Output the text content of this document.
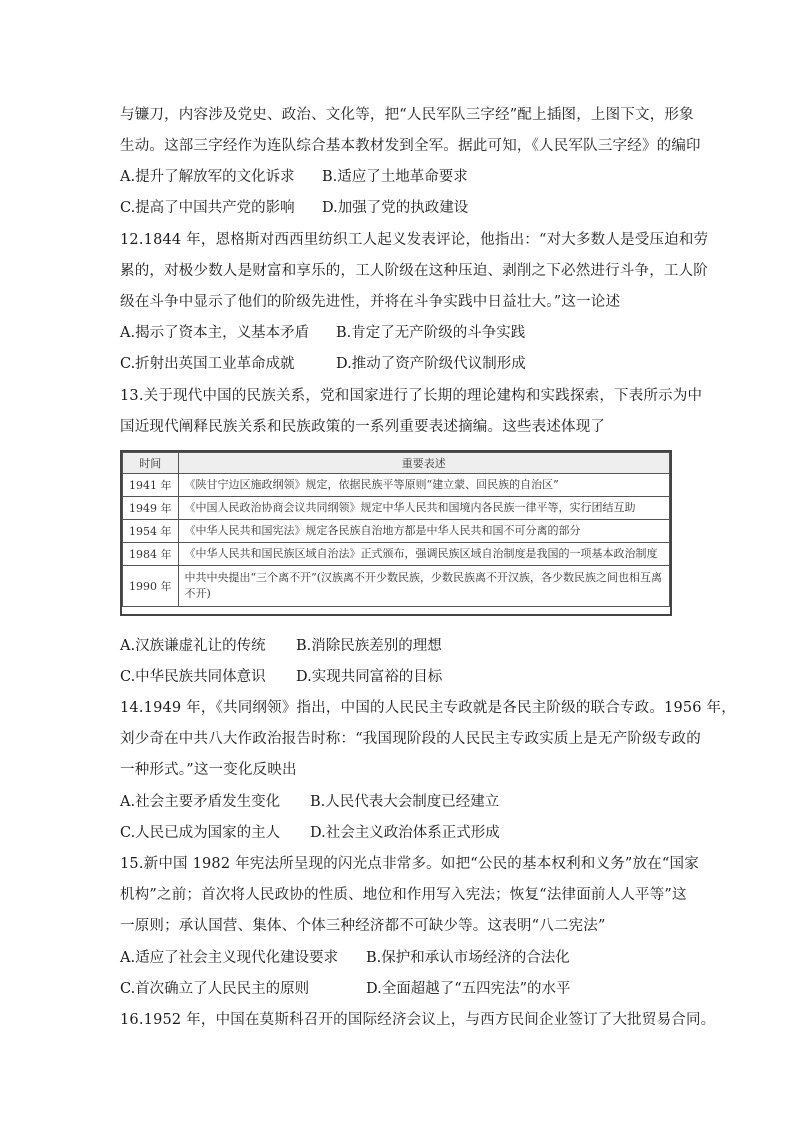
与镰刀，内容涉及党史、政治、文化等，把“人民军队三字经”配上插图，上图下文，形象
生动。这部三字经作为连队综合基本教材发到全军。据此可知，《人民军队三字经》的编印
A.提升了解放军的文化诉求 B.适应了土地革命要求
C.提高了中国共产党的影响 D.加强了党的执政建设
12.1844 年，恩格斯对西西里纺织工人起义发表评论，他指出：“对大多数人是受压迫和劳
累的，对极少数人是财富和享乐的，工人阶级在这种压迫、剥削之下必然进行斗争，工人阶
级在斗争中显示了他们的阶级先进性，并将在斗争实践中日益壮大。”这一论述
A.揭示了资本主，义基本矛盾 B.肯定了无产阶级的斗争实践
C.折射出英国工业革命成就	D.推动了资产阶级代议制形成
13.关于现代中国的民族关系，党和国家进行了长期的理论建构和实践探索，下表所示为中
国近现代阐释民族关系和民族政策的一系列重要表述摘编。这些表述体现了
时间	重要表述
1941 年	《陕甘宁边区施政纲领》规定，依据民族平等原则“建立蒙、回民族的自治区”
1949 年	《中国人民政治协商会议共同纲领》规定中华人民共和国境内各民族一律平等，实行团结互助
1954 年	《中华人民共和国宪法》规定各民族自治地方都是中华人民共和国不可分离的部分
1984 年	《中华人民共和国民族区域自治法》正式颁布，强调民族区域自治制度是我国的一项基本政治制度
1990 年	中共中央提出“三个离不开”(汉族离不开少数民族，少数民族离不开汉族，各少数民族之间也相互离不开)
A.汉族谦虚礼让的传统 B.消除民族差别的理想
C.中华民族共同体意识 D.实现共同富裕的目标
14.1949 年，《共同纲领》指出，中国的人民民主专政就是各民主阶级的联合专政。1956 年，
刘少奇在中共八大作政治报告时称：“我国现阶段的人民民主专政实质上是无产阶级专政的
一种形式。”这一变化反映出
A.社会主要矛盾发生变化 B.人民代表大会制度已经建立
C.人民已成为国家的主人 D.社会主义政治体系正式形成
15.新中国 1982 年宪法所呈现的闪光点非常多。如把“公民的基本权利和义务”放在“国家
机构”之前；首次将人民政协的性质、地位和作用写入宪法；恢复“法律面前人人平等”这
一原则；承认国营、集体、个体三种经济都不可缺少等。这表明“八二宪法”
A.适应了社会主义现代化建设要求 B.保护和承认市场经济的合法化
C.首次确立了人民民主的原则	D.全面超越了“五四宪法”的水平
16.1952 年，中国在莫斯科召开的国际经济会议上，与西方民间企业签订了大批贸易合同。
